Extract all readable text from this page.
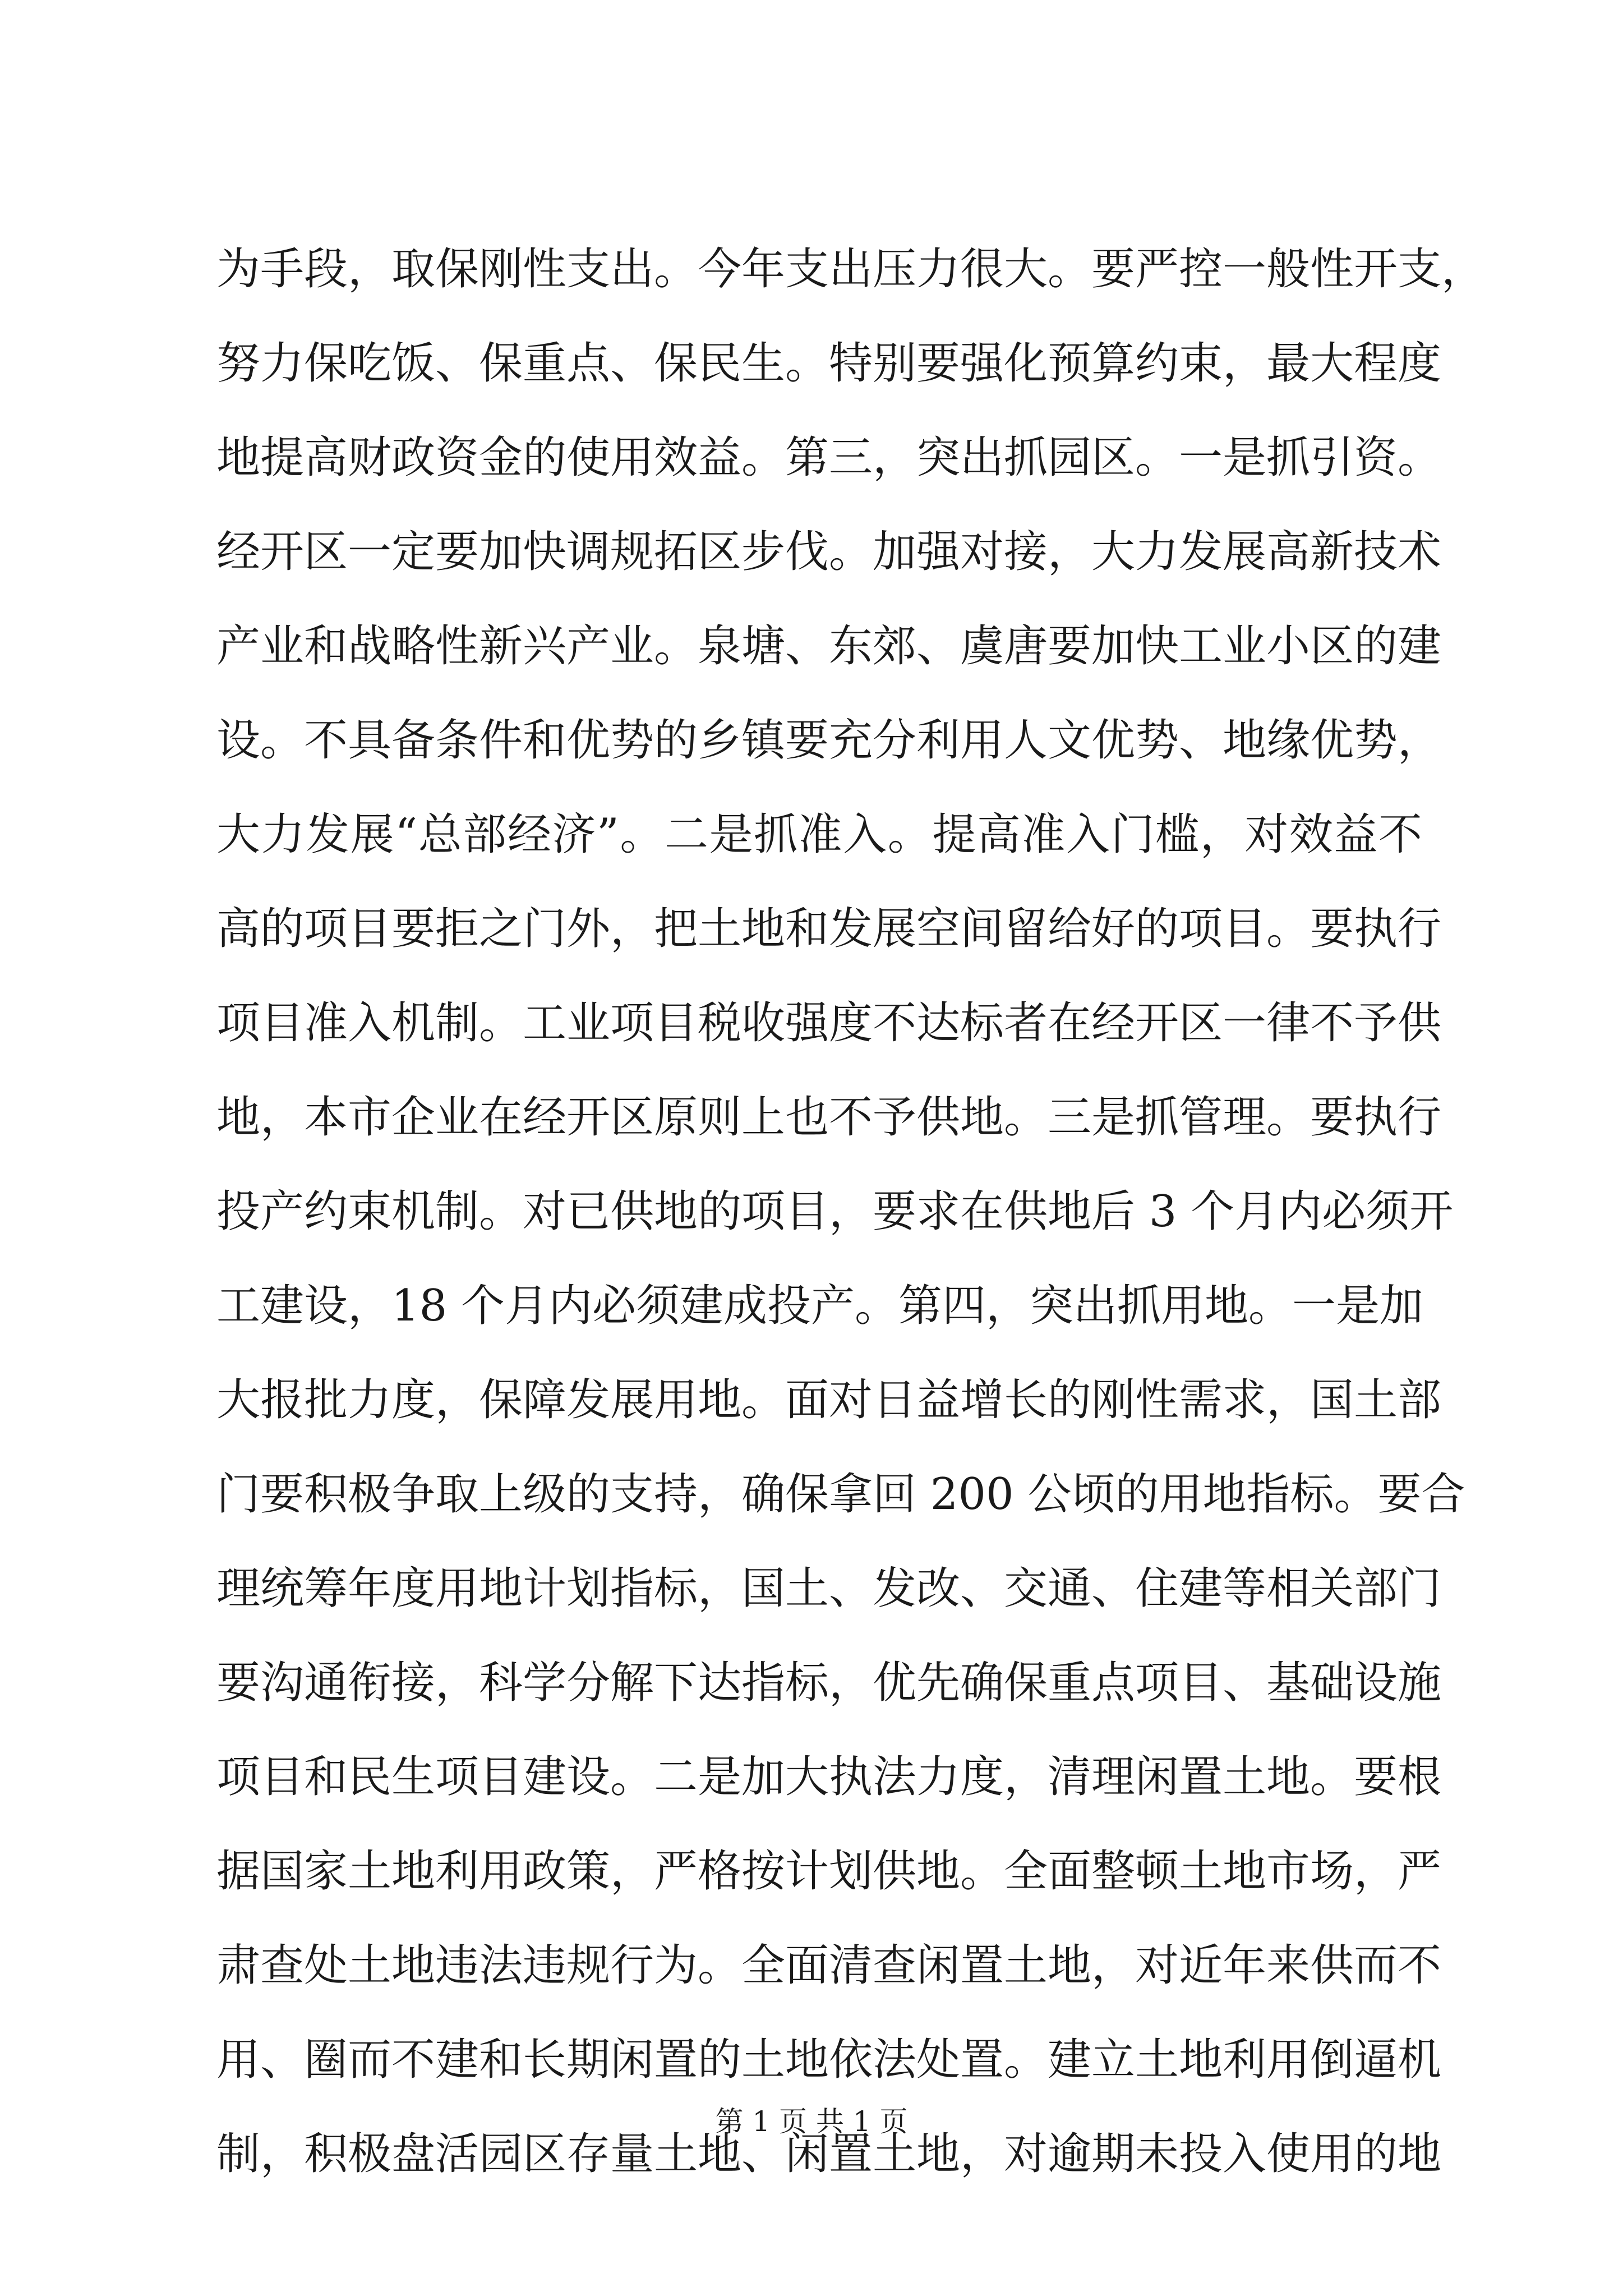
为手段，取保刚性支出。今年支出压力很大。要严控一般性开支，
努力保吃饭、保重点、保民生。特别要强化预算约束，最大程度
地提高财政资金的使用效益。第三，突出抓园区。一是抓引资。
经开区一定要加快调规拓区步伐。加强对接，大力发展高新技术
产业和战略性新兴产业。泉塘、东郊、虞唐要加快工业小区的建
设。不具备条件和优势的乡镇要充分利用人文优势、地缘优势，
大力发展“总部经济”。二是抓准入。提高准入门槛，对效益不
高的项目要拒之门外，把土地和发展空间留给好的项目。要执行
项目准入机制。工业项目税收强度不达标者在经开区一律不予供
地，本市企业在经开区原则上也不予供地。三是抓管理。要执行
投产约束机制。对已供地的项目，要求在供地后 3 个月内必须开
工建设，18 个月内必须建成投产。第四，突出抓用地。一是加
大报批力度，保障发展用地。面对日益增长的刚性需求，国土部
门要积极争取上级的支持，确保拿回 200 公顷的用地指标。要合
理统筹年度用地计划指标，国土、发改、交通、住建等相关部门
要沟通衔接，科学分解下达指标，优先确保重点项目、基础设施
项目和民生项目建设。二是加大执法力度，清理闲置土地。要根
据国家土地利用政策，严格按计划供地。全面整顿土地市场，严
肃查处土地违法违规行为。全面清查闲置土地，对近年来供而不
用、圈而不建和长期闲置的土地依法处置。建立土地利用倒逼机
制，积极盘活园区存量土地、闲置土地，对逾期未投入使用的地
第 1 页 共 1 页
